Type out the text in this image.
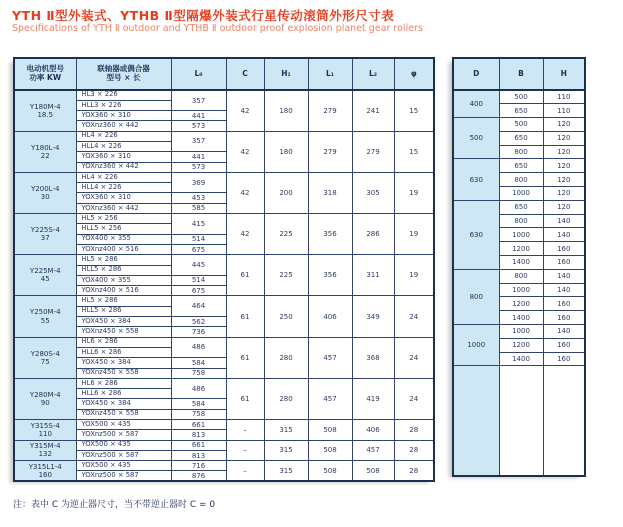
YTH Ⅱ型外装式、YTHB Ⅱ型隔爆外装式行星传动滚筒外形尺寸表
Specifications of YTH Ⅱ outdoor and YTHB Ⅱ outdoor proof explosion planet gear rollers
电动机型号
功率 KW

联轴器或偶合器
型号 × 长	L₀	C	H₁	L₁	L₂	φ

Y180M-4
18.5	HL3 × 226	357	42	180	279	241	15
	HLL3 × 226						
	YOX360 × 310	441					
	YOXnz360 × 442	573					

Y180L-4
22	HL4 × 226	357	42	180	279	279	15
	HLL4 × 226						
	YOX360 × 310	441					
	YOXnz360 × 442	573					

Y200L-4
30	HL4 × 226	369	42	200	318	305	19
	HLL4 × 226						
	YOX360 × 310	453					
	YOXnz360 × 442	585					

Y225S-4
37	HL5 × 256	415	42	225	356	286	19
	HLL5 × 256						
	YOX400 × 355	514					
	YOXnz400 × 516	675					

Y225M-4
45	HL5 × 286	445	61	225	356	311	19
	HLL5 × 286						
	YOX400 × 355	514					
	YOXnz400 × 516	675					

Y250M-4
55	HL5 × 286	464	61	250	406	349	24
	HLL5 × 286						
	YOX450 × 384	562					
	YOXnz450 × 558	736					

Y280S-4
75	HL6 × 286	486	61	280	457	368	24
	HLL6 × 286						
	YOX450 × 384	584					
	YOXnz450 × 558	758					

Y280M-4
90	HL6 × 286	486	61	280	457	419	24
	HLL6 × 286						
	YOX450 × 384	584					
	YOXnz450 × 558	758					

Y315S-4
110	YOX500 × 435	661	–	315	508	406	28
	YOXnz500 × 587	813					

Y315M-4
132	YOX500 × 435	661	–	315	508	457	28
	YOXnz500 × 587	813					

Y315L1-4
160	YOX500 × 435	716	–	315	508	508	28
	YOXnz500 × 587	876					
D	B	H
400	500	110
	650	110
500	500	120
	650	120
	800	120
630	650	120
	800	120
	1000	120
630	650	120
	800	140
	1000	140
	1200	160
	1400	160
800	800	140
	1000	140
	1200	160
	1400	160
1000	1000	140
	1200	160
	1400	160

注：表中 C 为逆止器尺寸，当不带逆止器时 C = 0
